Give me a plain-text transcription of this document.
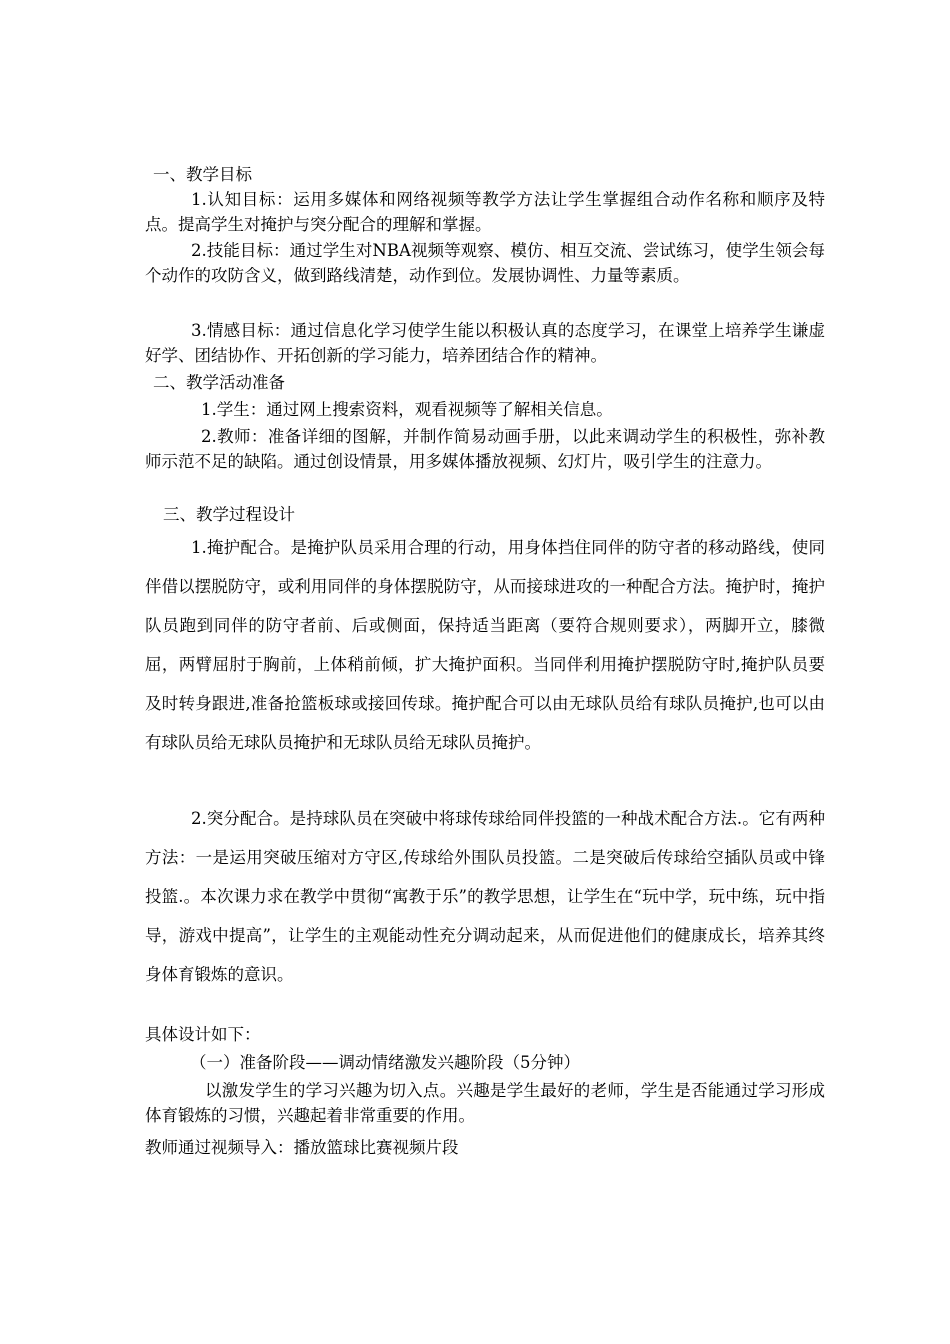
一、教学目标

1.认知目标：运用多媒体和网络视频等教学方法让学生掌握组合动作名称和顺序及特点。提高学生对掩护与突分配合的理解和掌握。

2.技能目标：通过学生对NBA视频等观察、模仿、相互交流、尝试练习，使学生领会每个动作的攻防含义，做到路线清楚，动作到位。发展协调性、力量等素质。

3.情感目标：通过信息化学习使学生能以积极认真的态度学习，在课堂上培养学生谦虚好学、团结协作、开拓创新的学习能力，培养团结合作的精神。

二、教学活动准备

1.学生：通过网上搜索资料，观看视频等了解相关信息。

2.教师：准备详细的图解，并制作简易动画手册，以此来调动学生的积极性，弥补教师示范不足的缺陷。通过创设情景，用多媒体播放视频、幻灯片，吸引学生的注意力。

三、教学过程设计

1.掩护配合。是掩护队员采用合理的行动，用身体挡住同伴的防守者的移动路线，使同伴借以摆脱防守，或利用同伴的身体摆脱防守，从而接球进攻的一种配合方法。掩护时，掩护队员跑到同伴的防守者前、后或侧面，保持适当距离（要符合规则要求），两脚开立，膝微屈，两臂屈肘于胸前，上体稍前倾，扩大掩护面积。当同伴利用掩护摆脱防守时,掩护队员要及时转身跟进,准备抢篮板球或接回传球。掩护配合可以由无球队员给有球队员掩护,也可以由有球队员给无球队员掩护和无球队员给无球队员掩护。

2.突分配合。是持球队员在突破中将球传球给同伴投篮的一种战术配合方法.。它有两种方法：一是运用突破压缩对方守区,传球给外围队员投篮。二是突破后传球给空插队员或中锋投篮.。本次课力求在教学中贯彻“寓教于乐”的教学思想，让学生在“玩中学，玩中练，玩中指导，游戏中提高”，让学生的主观能动性充分调动起来，从而促进他们的健康成长，培养其终身体育锻炼的意识。

具体设计如下：

（一）准备阶段——调动情绪激发兴趣阶段（5分钟）

以激发学生的学习兴趣为切入点。兴趣是学生最好的老师，学生是否能通过学习形成体育锻炼的习惯，兴趣起着非常重要的作用。

教师通过视频导入：播放篮球比赛视频片段
